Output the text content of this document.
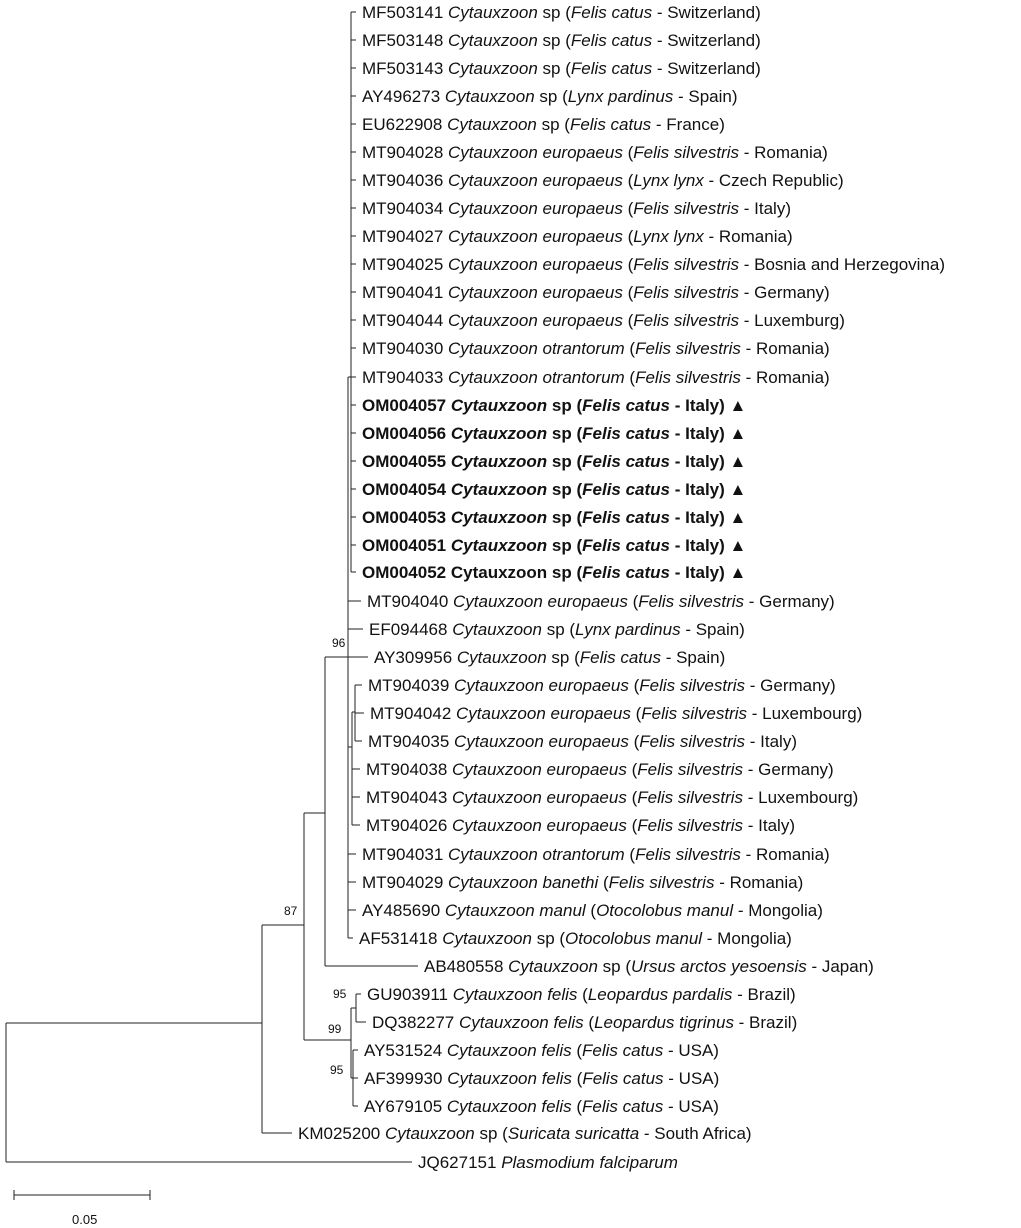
MF503141 Cytauxzoon sp (Felis catus - Switzerland)
MF503148 Cytauxzoon sp (Felis catus - Switzerland)
MF503143 Cytauxzoon sp (Felis catus - Switzerland)
AY496273 Cytauxzoon sp (Lynx pardinus - Spain)
EU622908 Cytauxzoon sp (Felis catus - France)
MT904028 Cytauxzoon europaeus (Felis silvestris - Romania)
MT904036 Cytauxzoon europaeus (Lynx lynx - Czech Republic)
MT904034 Cytauxzoon europaeus (Felis silvestris - Italy)
MT904027 Cytauxzoon europaeus (Lynx lynx - Romania)
MT904025 Cytauxzoon europaeus (Felis silvestris - Bosnia and Herzegovina)
MT904041 Cytauxzoon europaeus (Felis silvestris - Germany)
MT904044 Cytauxzoon europaeus (Felis silvestris - Luxemburg)
MT904030 Cytauxzoon otrantorum (Felis silvestris - Romania)
MT904033 Cytauxzoon otrantorum (Felis silvestris - Romania)
OM004057 Cytauxzoon sp (Felis catus - Italy) ▲
OM004056 Cytauxzoon sp (Felis catus - Italy) ▲
OM004055 Cytauxzoon sp (Felis catus - Italy) ▲
OM004054 Cytauxzoon sp (Felis catus - Italy) ▲
OM004053 Cytauxzoon sp (Felis catus - Italy) ▲
OM004051 Cytauxzoon sp (Felis catus - Italy) ▲
OM004052 Cytauxzoon sp (Felis catus - Italy) ▲
MT904040 Cytauxzoon europaeus (Felis silvestris - Germany)
EF094468 Cytauxzoon sp (Lynx pardinus - Spain)
AY309956 Cytauxzoon sp (Felis catus - Spain)
MT904039 Cytauxzoon europaeus (Felis silvestris - Germany)
MT904042 Cytauxzoon europaeus (Felis silvestris - Luxembourg)
MT904035 Cytauxzoon europaeus (Felis silvestris - Italy)
MT904038 Cytauxzoon europaeus (Felis silvestris - Germany)
MT904043 Cytauxzoon europaeus (Felis silvestris - Luxembourg)
MT904026 Cytauxzoon europaeus (Felis silvestris - Italy)
MT904031 Cytauxzoon otrantorum (Felis silvestris - Romania)
MT904029 Cytauxzoon banethi (Felis silvestris - Romania)
AY485690 Cytauxzoon manul (Otocolobus manul - Mongolia)
AF531418 Cytauxzoon sp (Otocolobus manul - Mongolia)
AB480558 Cytauxzoon sp (Ursus arctos yesoensis - Japan)
GU903911 Cytauxzoon felis (Leopardus pardalis - Brazil)
DQ382277 Cytauxzoon felis (Leopardus tigrinus - Brazil)
AY531524 Cytauxzoon felis (Felis catus - USA)
AF399930 Cytauxzoon felis (Felis catus - USA)
AY679105 Cytauxzoon felis (Felis catus - USA)
KM025200 Cytauxzoon sp (Suricata suricatta - South Africa)
JQ627151 Plasmodium falciparum
96
87
95
99
95
0.05
